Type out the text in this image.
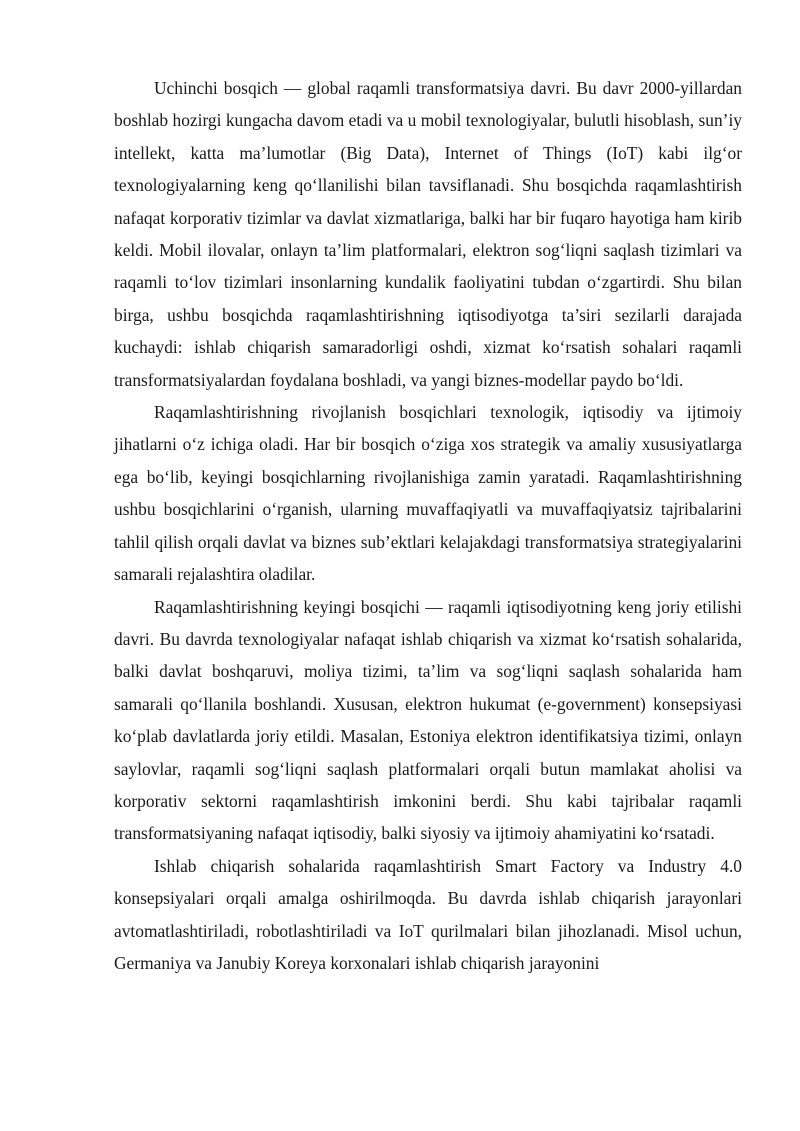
Uchinchi bosqich — global raqamli transformatsiya davri. Bu davr 2000-yillardan boshlab hozirgi kungacha davom etadi va u mobil texnologiyalar, bulutli hisoblash, sun’iy intellekt, katta ma’lumotlar (Big Data), Internet of Things (IoT) kabi ilg‘or texnologiyalarning keng qo‘llanilishi bilan tavsiflanadi. Shu bosqichda raqamlashtirish nafaqat korporativ tizimlar va davlat xizmatlariga, balki har bir fuqaro hayotiga ham kirib keldi. Mobil ilovalar, onlayn ta’lim platformalari, elektron sog‘liqni saqlash tizimlari va raqamli to‘lov tizimlari insonlarning kundalik faoliyatini tubdan o‘zgartirdi. Shu bilan birga, ushbu bosqichda raqamlashtirishning iqtisodiyotga ta’siri sezilarli darajada kuchaydi: ishlab chiqarish samaradorligi oshdi, xizmat ko‘rsatish sohalari raqamli transformatsiyalardan foydalana boshladi, va yangi biznes-modellar paydo bo‘ldi.

Raqamlashtirishning rivojlanish bosqichlari texnologik, iqtisodiy va ijtimoiy jihatlarni o‘z ichiga oladi. Har bir bosqich o‘ziga xos strategik va amaliy xususiyatlarga ega bo‘lib, keyingi bosqichlarning rivojlanishiga zamin yaratadi. Raqamlashtirishning ushbu bosqichlarini o‘rganish, ularning muvaffaqiyatli va muvaffaqiyatsiz tajribalarini tahlil qilish orqali davlat va biznes sub’ektlari kelajakdagi transformatsiya strategiyalarini samarali rejalashtira oladilar.

Raqamlashtirishning keyingi bosqichi — raqamli iqtisodiyotning keng joriy etilishi davri. Bu davrda texnologiyalar nafaqat ishlab chiqarish va xizmat ko‘rsatish sohalarida, balki davlat boshqaruvi, moliya tizimi, ta’lim va sog‘liqni saqlash sohalarida ham samarali qo‘llanila boshlandi. Xususan, elektron hukumat (e-government) konsepsiyasi ko‘plab davlatlarda joriy etildi. Masalan, Estoniya elektron identifikatsiya tizimi, onlayn saylovlar, raqamli sog‘liqni saqlash platformalari orqali butun mamlakat aholisi va korporativ sektorni raqamlashtirish imkonini berdi. Shu kabi tajribalar raqamli transformatsiyaning nafaqat iqtisodiy, balki siyosiy va ijtimoiy ahamiyatini ko‘rsatadi.

Ishlab chiqarish sohalarida raqamlashtirish Smart Factory va Industry 4.0 konsepsiyalari orqali amalga oshirilmoqda. Bu davrda ishlab chiqarish jarayonlari avtomatlashtiriladi, robotlashtiriladi va IoT qurilmalari bilan jihozlanadi. Misol uchun, Germaniya va Janubiy Koreya korxonalari ishlab chiqarish jarayonini
